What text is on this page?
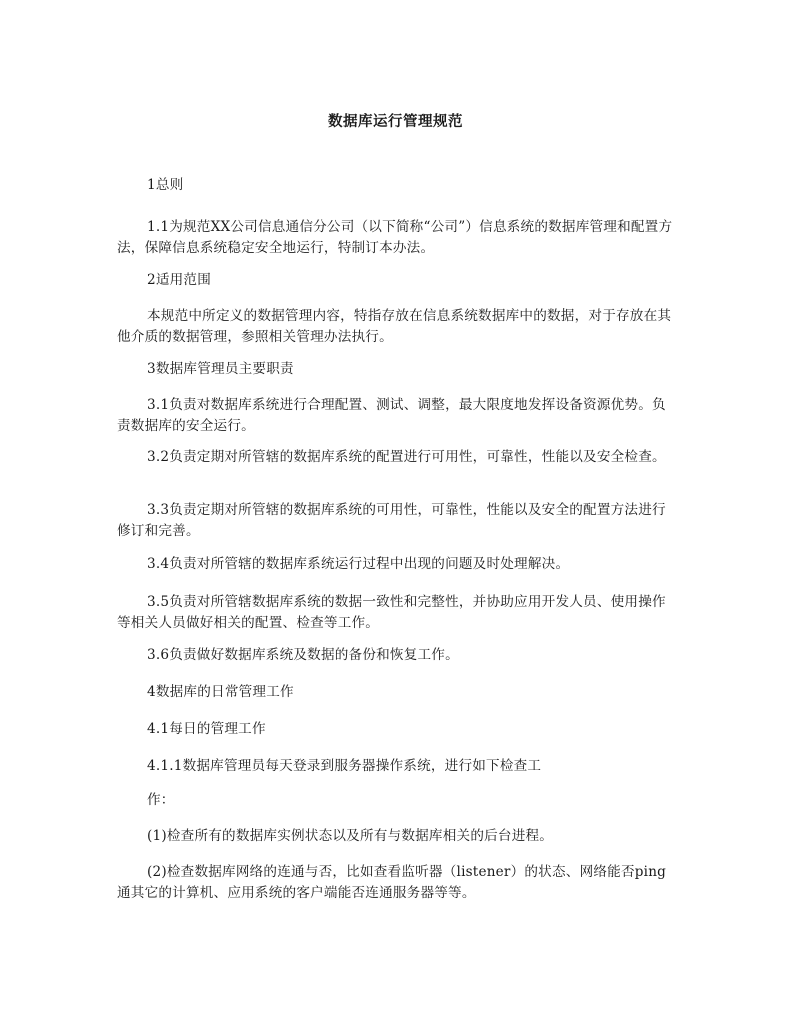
数据库运行管理规范

1总则

1.1为规范XX公司信息通信分公司（以下简称“公司”）信息系统的数据库管理和配置方法，保障信息系统稳定安全地运行，特制订本办法。

2适用范围

本规范中所定义的数据管理内容，特指存放在信息系统数据库中的数据，对于存放在其他介质的数据管理，参照相关管理办法执行。

3数据库管理员主要职责

3.1负责对数据库系统进行合理配置、测试、调整，最大限度地发挥设备资源优势。负责数据库的安全运行。

3.2负责定期对所管辖的数据库系统的配置进行可用性，可靠性，性能以及安全检查。

3.3负责定期对所管辖的数据库系统的可用性，可靠性，性能以及安全的配置方法进行修订和完善。

3.4负责对所管辖的数据库系统运行过程中出现的问题及时处理解决。

3.5负责对所管辖数据库系统的数据一致性和完整性，并协助应用开发人员、使用操作等相关人员做好相关的配置、检查等工作。

3.6负责做好数据库系统及数据的备份和恢复工作。

4数据库的日常管理工作

4.1每日的管理工作

4.1.1数据库管理员每天登录到服务器操作系统，进行如下检查工

作：

(1)检查所有的数据库实例状态以及所有与数据库相关的后台进程。

(2)检查数据库网络的连通与否，比如查看监听器（listener）的状态、网络能否ping通其它的计算机、应用系统的客户端能否连通服务器等等。
